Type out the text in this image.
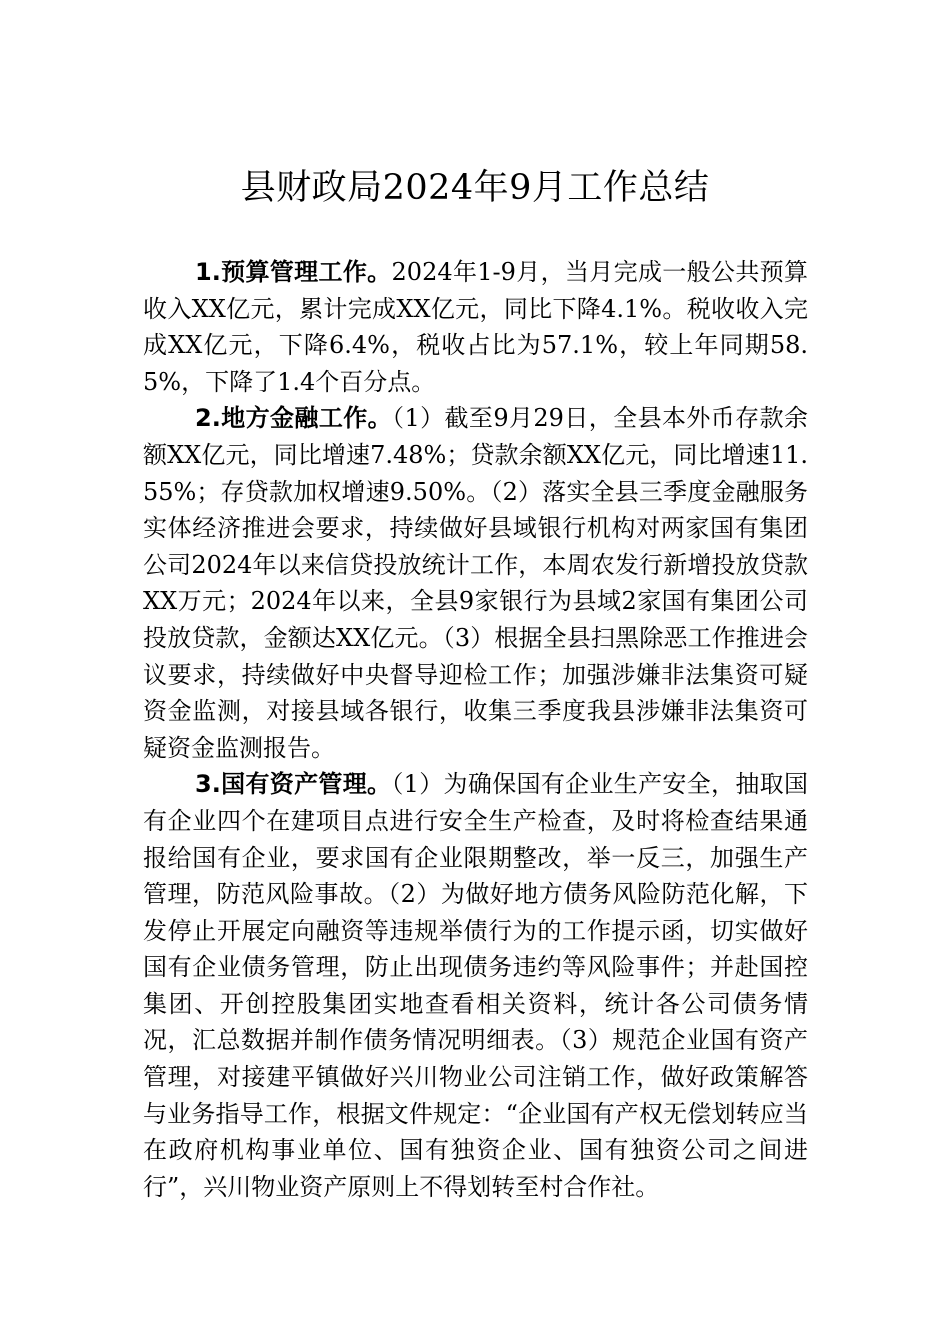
县财政局2024年9月工作总结

1.预算管理工作。2024年1-9月，当月完成一般公共预算收入XX亿元，累计完成XX亿元，同比下降4.1%。税收收入完成XX亿元，下降6.4%，税收占比为57.1%，较上年同期58.5%，下降了1.4个百分点。

2.地方金融工作。（1）截至9月29日，全县本外币存款余额XX亿元，同比增速7.48%；贷款余额XX亿元，同比增速11.55%；存贷款加权增速9.50%。（2）落实全县三季度金融服务实体经济推进会要求，持续做好县域银行机构对两家国有集团公司2024年以来信贷投放统计工作，本周农发行新增投放贷款XX万元；2024年以来，全县9家银行为县域2家国有集团公司投放贷款，金额达XX亿元。（3）根据全县扫黑除恶工作推进会议要求，持续做好中央督导迎检工作；加强涉嫌非法集资可疑资金监测，对接县域各银行，收集三季度我县涉嫌非法集资可疑资金监测报告。

3.国有资产管理。（1）为确保国有企业生产安全，抽取国有企业四个在建项目点进行安全生产检查，及时将检查结果通报给国有企业，要求国有企业限期整改，举一反三，加强生产管理，防范风险事故。（2）为做好地方债务风险防范化解，下发停止开展定向融资等违规举债行为的工作提示函，切实做好国有企业债务管理，防止出现债务违约等风险事件；并赴国控集团、开创控股集团实地查看相关资料，统计各公司债务情况，汇总数据并制作债务情况明细表。（3）规范企业国有资产管理，对接建平镇做好兴川物业公司注销工作，做好政策解答与业务指导工作，根据文件规定：“企业国有产权无偿划转应当在政府机构事业单位、国有独资企业、国有独资公司之间进行”，兴川物业资产原则上不得划转至村合作社。
